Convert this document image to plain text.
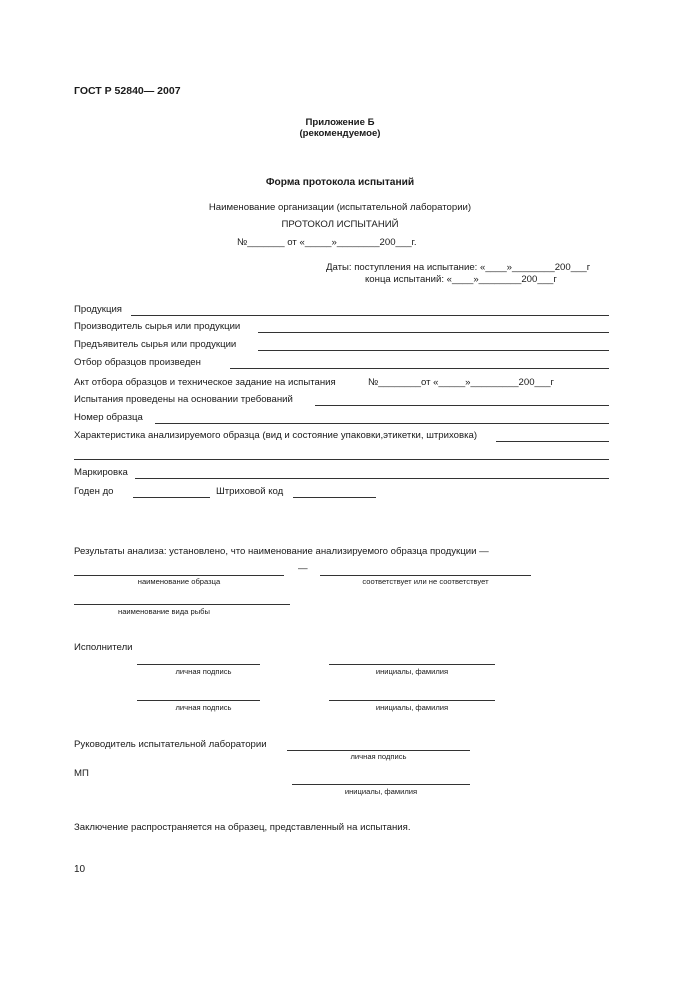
ГОСТ Р 52840— 2007
Приложение Б
(рекомендуемое)
Форма протокола испытаний
Наименование организации (испытательной лаборатории)
ПРОТОКОЛ ИСПЫТАНИЙ
№_______ от «_____»________200___г.
Даты: поступления на испытание: «____»________200___г
конца испытаний: «____»________200___г
Продукция
Производитель сырья или продукции
Предъявитель сырья или продукции
Отбор образцов произведен
Акт отбора образцов и техническое задание на испытания	№________от «_____»_________200___г
Испытания проведены на основании требований
Номер образца
Характеристика анализируемого образца (вид и состояние упаковки,этикетки, штриховка)
Маркировка
Годен до	Штриховой код
Результаты анализа: установлено, что наименование анализируемого образца продукции —
—
наименование образца	соответствует или не соответствует
наименование вида рыбы
Исполнители
личная подпись	инициалы, фамилия
личная подпись	инициалы, фамилия
Руководитель испытательной лаборатории
личная подпись
МП
инициалы, фамилия
Заключение распространяется на образец, представленный на испытания.
10
